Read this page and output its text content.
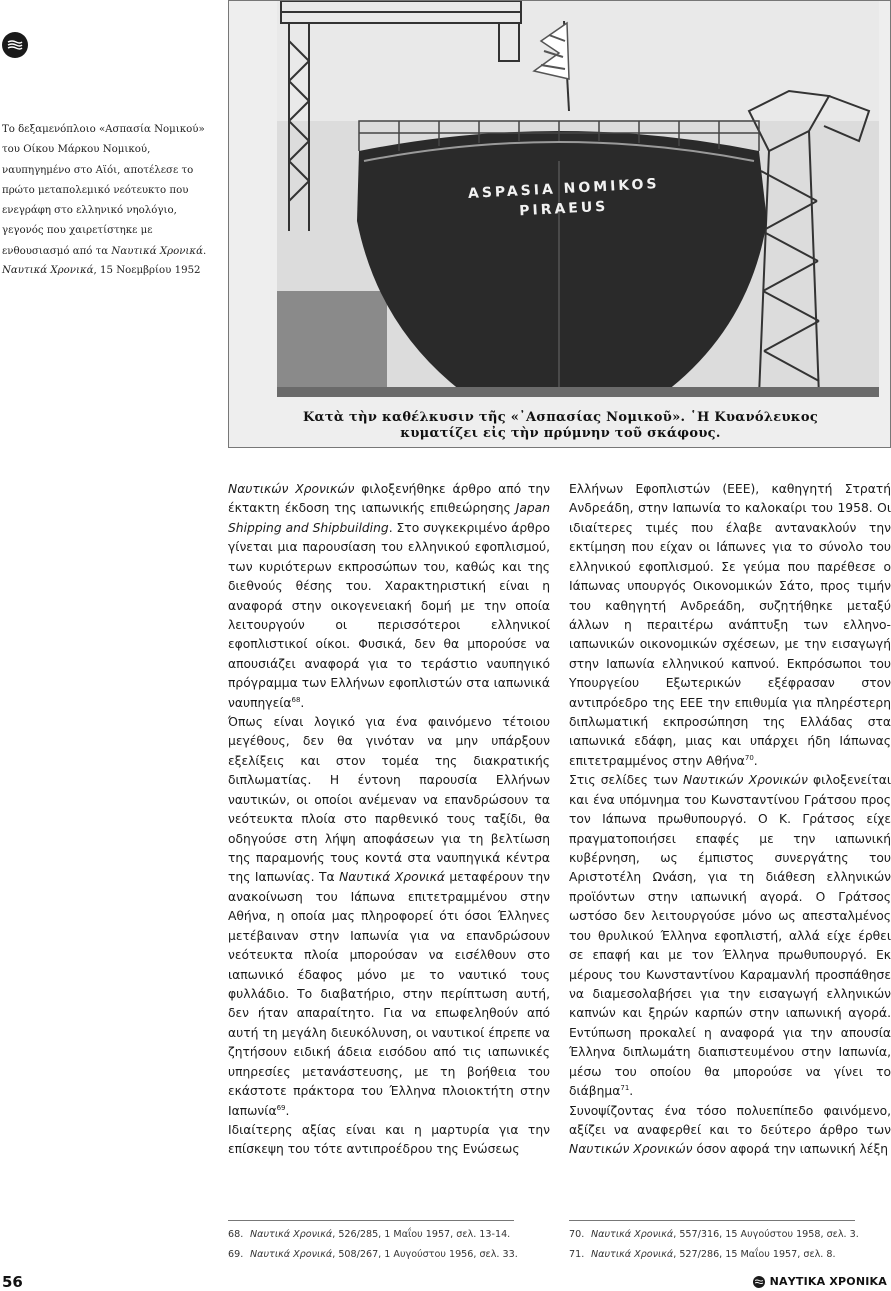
Το δεξαμενόπλοιο «Ασπασία Νομικού» του Οίκου Μάρκου Νομικού, ναυπηγημένο στο Αϊόι, αποτέλεσε το πρώτο μεταπολεμικό νεότευκτο που ενεγράφη στο ελληνικό νηολόγιο, γεγονός που χαιρετίστηκε με ενθουσιασμό από τα Ναυτικά Χρονικά.
Ναυτικά Χρονικά, 15 Νοεμβρίου 1952
ASPASIA NOMIKOS
PIRAEUS
Κατὰ τὴν καθέλκυσιν τῆς «᾿Ασπασίας Νομικοῦ». ῾Η Κυανόλευκος
κυματίζει εἰς τὴν πρύμνην τοῦ σκάφους.

Ναυτικών Χρονικών φιλοξενήθηκε άρθρο από την έκτακτη έκδοση της ιαπωνικής επιθεώρησης Japan Shipping and Shipbuilding. Στο συγκεκριμένο άρθρο γίνεται μια παρουσίαση του ελληνικού εφοπλισμού, των κυριότερων εκπροσώπων του, καθώς και της διεθνούς θέσης του. Χαρακτηριστική είναι η αναφορά στην οικογενειακή δομή με την οποία λειτουργούν οι περισσότεροι ελληνικοί εφοπλιστικοί οίκοι. Φυσικά, δεν θα μπορούσε να απουσιάζει αναφορά για το τεράστιο ναυπηγικό πρόγραμμα των Ελλήνων εφοπλιστών στα ιαπωνικά ναυπηγεία$^{68}$.

Όπως είναι λογικό για ένα φαινόμενο τέτοιου μεγέθους, δεν θα γινόταν να μην υπάρξουν εξελίξεις και στον τομέα της διακρατικής διπλωματίας. Η έντονη παρουσία Ελλήνων ναυτικών, οι οποίοι ανέμεναν να επανδρώσουν τα νεότευκτα πλοία στο παρθενικό τους ταξίδι, θα οδηγούσε στη λήψη αποφάσεων για τη βελτίωση της παραμονής τους κοντά στα ναυπηγικά κέντρα της Ιαπωνίας. Τα Ναυτικά Χρονικά μεταφέρουν την ανακοίνωση του Ιάπωνα επιτετραμμένου στην Αθήνα, η οποία μας πληροφορεί ότι όσοι Έλληνες μετέβαιναν στην Ιαπωνία για να επανδρώσουν νεότευκτα πλοία μπορούσαν να εισέλθουν στο ιαπωνικό έδαφος μόνο με το ναυτικό τους φυλλάδιο. Το διαβατήριο, στην περίπτωση αυτή, δεν ήταν απαραίτητο. Για να επωφεληθούν από αυτή τη μεγάλη διευκόλυνση, οι ναυτικοί έπρεπε να ζητήσουν ειδική άδεια εισόδου από τις ιαπωνικές υπηρεσίες μετανάστευσης, με τη βοήθεια του εκάστοτε πράκτορα του Έλληνα πλοιοκτήτη στην Ιαπωνία$^{69}$.

Ιδιαίτερης αξίας είναι και η μαρτυρία για την επίσκεψη του τότε αντιπροέδρου της Ενώσεως

Ελλήνων Εφοπλιστών (ΕΕΕ), καθηγητή Στρατή Ανδρεάδη, στην Ιαπωνία το καλοκαίρι του 1958. Οι ιδιαίτερες τιμές που έλαβε αντανακλούν την εκτίμηση που είχαν οι Ιάπωνες για το σύνολο του ελληνικού εφοπλισμού. Σε γεύμα που παρέθεσε ο Ιάπωνας υπουργός Οικονομικών Σάτο, προς τιμήν του καθηγητή Ανδρεάδη, συζητήθηκε μεταξύ άλλων η περαιτέρω ανάπτυξη των ελληνο-ιαπωνικών οικονομικών σχέσεων, με την εισαγωγή στην Ιαπωνία ελληνικού καπνού. Εκπρόσωποι του Υπουργείου Εξωτερικών εξέφρασαν στον αντιπρόεδρο της ΕΕΕ την επιθυμία για πληρέστερη διπλωματική εκπροσώπηση της Ελλάδας στα ιαπωνικά εδάφη, μιας και υπάρχει ήδη Ιάπωνας επιτετραμμένος στην Αθήνα$^{70}$.

Στις σελίδες των Ναυτικών Χρονικών φιλοξενείται και ένα υπόμνημα του Κωνσταντίνου Γράτσου προς τον Ιάπωνα πρωθυπουργό. Ο Κ. Γράτσος είχε πραγματοποιήσει επαφές με την ιαπωνική κυβέρνηση, ως έμπιστος συνεργάτης του Αριστοτέλη Ωνάση, για τη διάθεση ελληνικών προϊόντων στην ιαπωνική αγορά. Ο Γράτσος ωστόσο δεν λειτουργούσε μόνο ως απεσταλμένος του θρυλικού Έλληνα εφοπλιστή, αλλά είχε έρθει σε επαφή και με τον Έλληνα πρωθυπουργό. Εκ μέρους του Κωνσταντίνου Καραμανλή προσπάθησε να διαμεσολαβήσει για την εισαγωγή ελληνικών καπνών και ξηρών καρπών στην ιαπωνική αγορά. Εντύπωση προκαλεί η αναφορά για την απουσία Έλληνα διπλωμάτη διαπιστευμένου στην Ιαπωνία, μέσω του οποίου θα μπορούσε να γίνει το διάβημα$^{71}$.

Συνοψίζοντας ένα τόσο πολυεπίπεδο φαινόμενο, αξίζει να αναφερθεί και το δεύτερο άρθρο των Ναυτικών Χρονικών όσον αφορά την ιαπωνική λέξη

68. Ναυτικά Χρονικά, 526/285, 1 Μαΐου 1957, σελ. 13-14.
69. Ναυτικά Χρονικά, 508/267, 1 Αυγούστου 1956, σελ. 33.
70. Ναυτικά Χρονικά, 557/316, 15 Αυγούστου 1958, σελ. 3.
71. Ναυτικά Χρονικά, 527/286, 15 Μαΐου 1957, σελ. 8.
56	ΝΑΥΤΙΚΑ ΧΡΟΝΙΚΑ
